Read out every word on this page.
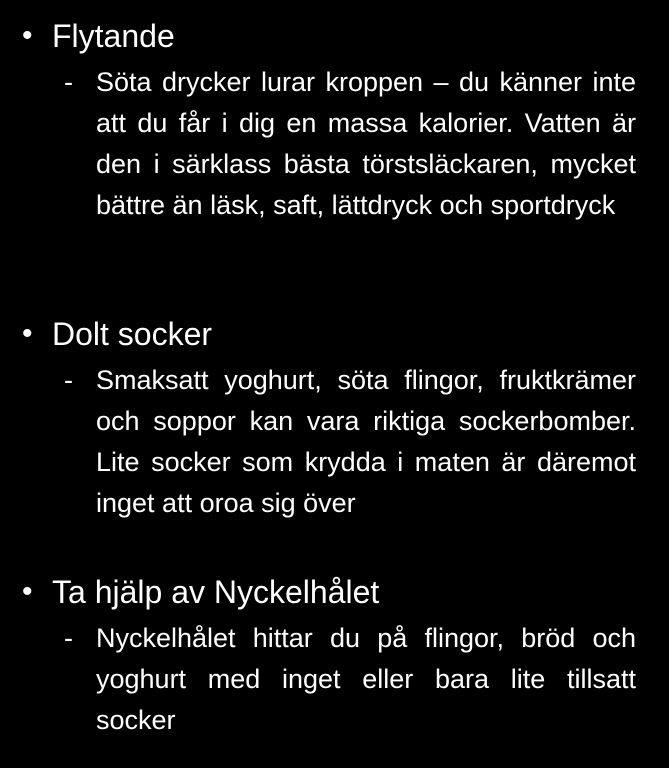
• Flytande
- Söta drycker lurar kroppen – du känner inte att du får i dig en massa kalorier. Vatten är den i särklass bästa törstsläckaren, mycket bättre än läsk, saft, lättdryck och sportdryck
• Dolt socker
- Smaksatt yoghurt, söta flingor, fruktkrämer och soppor kan vara riktiga sockerbomber. Lite socker som krydda i maten är däremot inget att oroa sig över
• Ta hjälp av Nyckelhålet
- Nyckelhålet hittar du på flingor, bröd och yoghurt med inget eller bara lite tillsatt socker
